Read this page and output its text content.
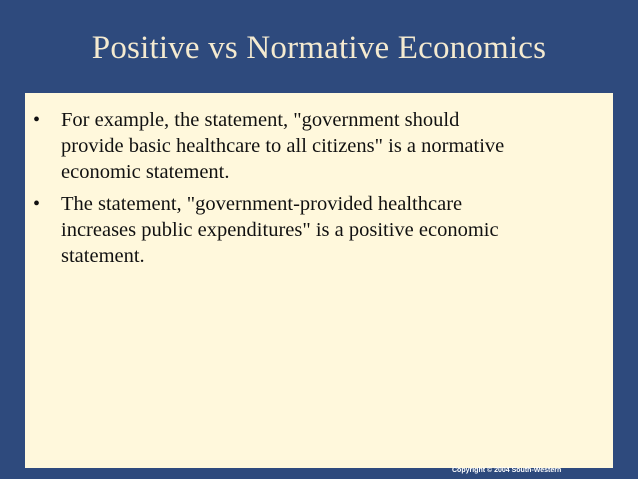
Positive vs Normative Economics
• For example, the statement, "government should
provide basic healthcare to all citizens" is a normative
economic statement.
• The statement, "government-provided healthcare
increases public expenditures" is a positive economic
statement.
Copyright © 2004 South-Western
